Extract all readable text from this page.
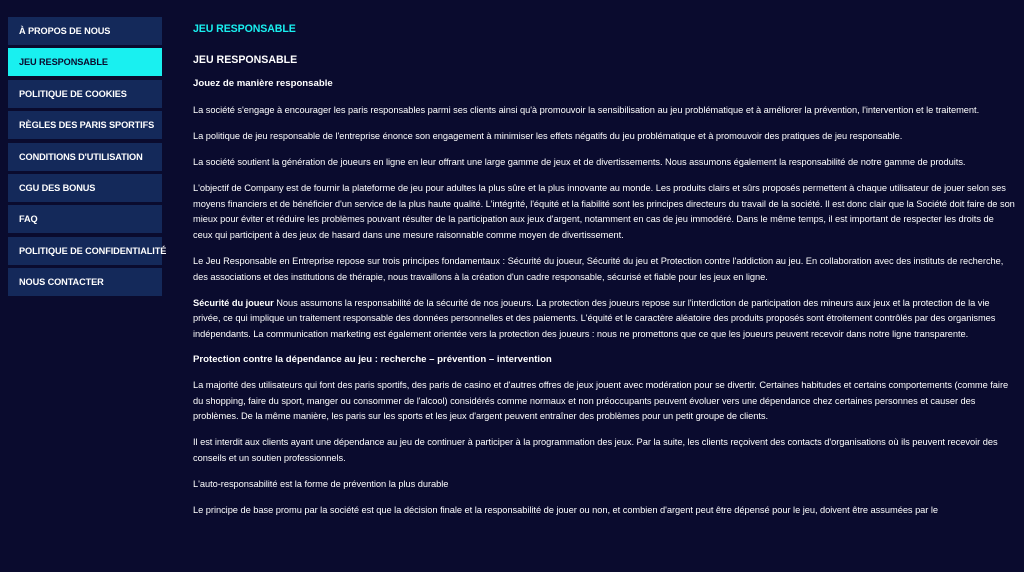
À PROPOS DE NOUS
JEU RESPONSABLE
POLITIQUE DE COOKIES
RÈGLES DES PARIS SPORTIFS
CONDITIONS D'UTILISATION
CGU DES BONUS
FAQ
POLITIQUE DE CONFIDENTIALITÉ
NOUS CONTACTER
JEU RESPONSABLE
JEU RESPONSABLE
Jouez de manière responsable

La société s'engage à encourager les paris responsables parmi ses clients ainsi qu'à promouvoir la sensibilisation au jeu problématique et à améliorer la prévention, l'intervention et le traitement.

La politique de jeu responsable de l'entreprise énonce son engagement à minimiser les effets négatifs du jeu problématique et à promouvoir des pratiques de jeu responsable.

La société soutient la génération de joueurs en ligne en leur offrant une large gamme de jeux et de divertissements. Nous assumons également la responsabilité de notre gamme de produits.

L'objectif de Company est de fournir la plateforme de jeu pour adultes la plus sûre et la plus innovante au monde. Les produits clairs et sûrs proposés permettent à chaque utilisateur de jouer selon ses moyens financiers et de bénéficier d'un service de la plus haute qualité. L'intégrité, l'équité et la fiabilité sont les principes directeurs du travail de la société. Il est donc clair que la Société doit faire de son mieux pour éviter et réduire les problèmes pouvant résulter de la participation aux jeux d'argent, notamment en cas de jeu immodéré. Dans le même temps, il est important de respecter les droits de ceux qui participent à des jeux de hasard dans une mesure raisonnable comme moyen de divertissement.

Le Jeu Responsable en Entreprise repose sur trois principes fondamentaux : Sécurité du joueur, Sécurité du jeu et Protection contre l'addiction au jeu. En collaboration avec des instituts de recherche, des associations et des institutions de thérapie, nous travaillons à la création d'un cadre responsable, sécurisé et fiable pour les jeux en ligne.

Sécurité du joueur Nous assumons la responsabilité de la sécurité de nos joueurs. La protection des joueurs repose sur l'interdiction de participation des mineurs aux jeux et la protection de la vie privée, ce qui implique un traitement responsable des données personnelles et des paiements. L'équité et le caractère aléatoire des produits proposés sont étroitement contrôlés par des organismes indépendants. La communication marketing est également orientée vers la protection des joueurs : nous ne promettons que ce que les joueurs peuvent recevoir dans notre ligne transparente.

Protection contre la dépendance au jeu : recherche – prévention – intervention

La majorité des utilisateurs qui font des paris sportifs, des paris de casino et d'autres offres de jeux jouent avec modération pour se divertir. Certaines habitudes et certains comportements (comme faire du shopping, faire du sport, manger ou consommer de l'alcool) considérés comme normaux et non préoccupants peuvent évoluer vers une dépendance chez certaines personnes et causer des problèmes. De la même manière, les paris sur les sports et les jeux d'argent peuvent entraîner des problèmes pour un petit groupe de clients.

Il est interdit aux clients ayant une dépendance au jeu de continuer à participer à la programmation des jeux. Par la suite, les clients reçoivent des contacts d'organisations où ils peuvent recevoir des conseils et un soutien professionnels.

L'auto-responsabilité est la forme de prévention la plus durable

Le principe de base promu par la société est que la décision finale et la responsabilité de jouer ou non, et combien d'argent peut être dépensé pour le jeu, doivent être assumées par le
